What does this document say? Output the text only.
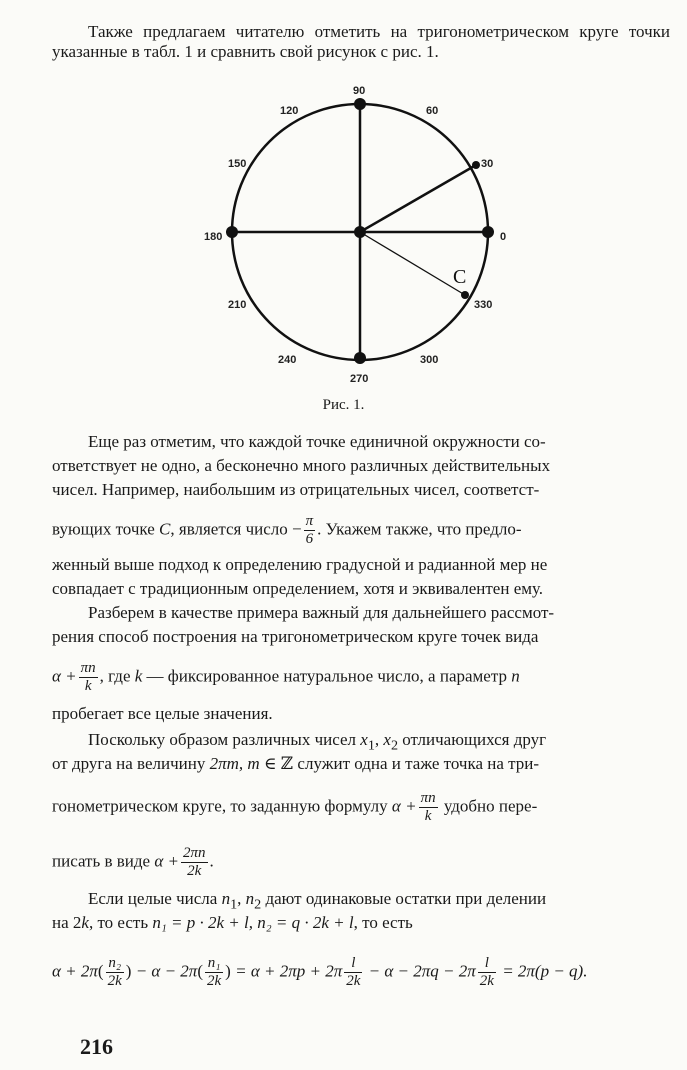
Также предлагаем читателю отметить на тригонометрическом круге точки указанные в табл. 1 и сравнить свой рисунок с рис. 1.

0
30
60
90
120
150
180
210
240
270
300
330
C
Рис. 1.
Еще раз отметим, что каждой точке единичной окружности со-
ответствует не одно, а бесконечно много различных действительных
чисел. Например, наибольшим из отрицательных чисел, соответст-
вующих точке C, является число − $\frac{\pi}{6}$ . Укажем также, что предло-
женный выше подход к определению градусной и радианной мер не
совпадает с традиционным определением, хотя и эквивалентен ему.
Разберем в качестве примера важный для дальнейшего рассмот-
рения способ построения на тригонометрическом круге точек вида
$\alpha + \frac{\pi n}{k}$ , где k — фиксированное натуральное число, а параметр n
пробегает все целые значения.
Поскольку образом различных чисел $x_1$, $x_2$ отличающихся друг
от друга на величину 2πm, m ∈ ℤ служит одна и таже точка на три-
гонометрическом круге, то заданную формулу $\alpha + \frac{\pi n}{k}$ удобно пере-
писать в виде $\alpha + \frac{2\pi n}{2k}$ .
Если целые числа $n_1$, $n_2$ дают одинаковые остатки при делении
на 2k, то есть n₁ = p · 2k + l, n₂ = q · 2k + l, то есть
$\alpha + 2\pi( \frac{\text{n₂}}{2k}$ ) − $\alpha - 2\pi( \frac{\text{n₁}}{2k}$ ) = $\alpha + 2\pi p + 2\pi \frac{l}{2k} - \alpha - 2\pi q - 2\pi \frac{l}{2k} = 2\pi(p - q)$.
216
